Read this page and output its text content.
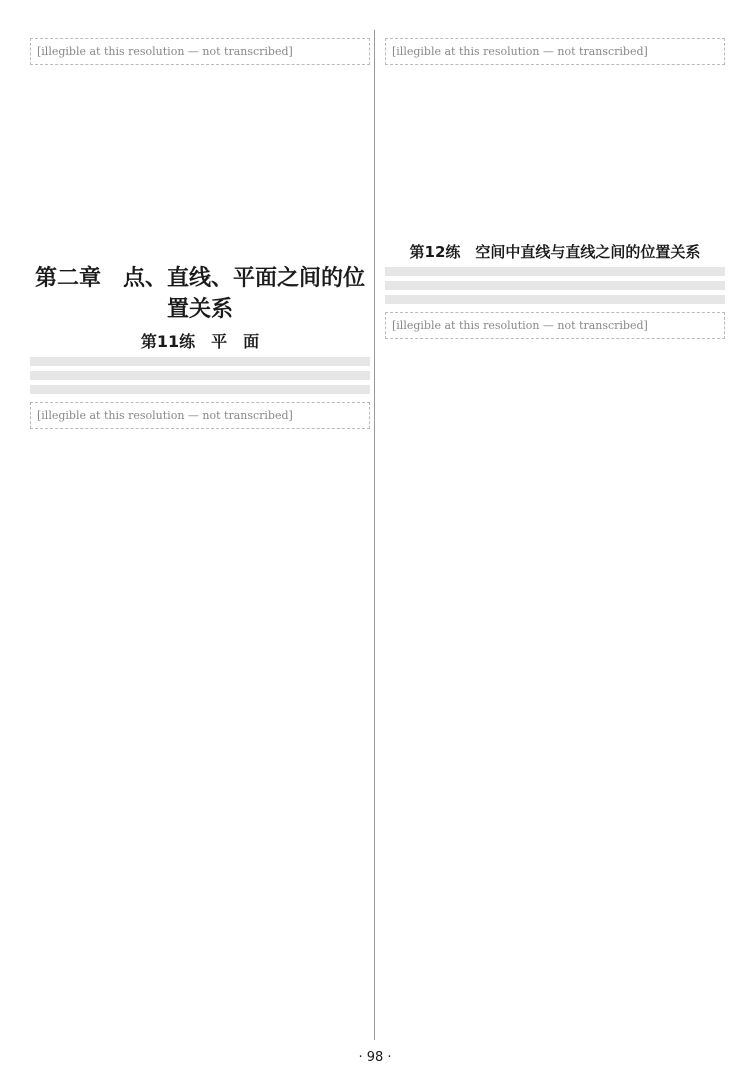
[illegible at this resolution — not transcribed]
第二章　点、直线、平面之间的位置关系
第11练　平　面
[illegible at this resolution — not transcribed]
[illegible at this resolution — not transcribed]
第12练　空间中直线与直线之间的位置关系
[illegible at this resolution — not transcribed]
· 98 ·
